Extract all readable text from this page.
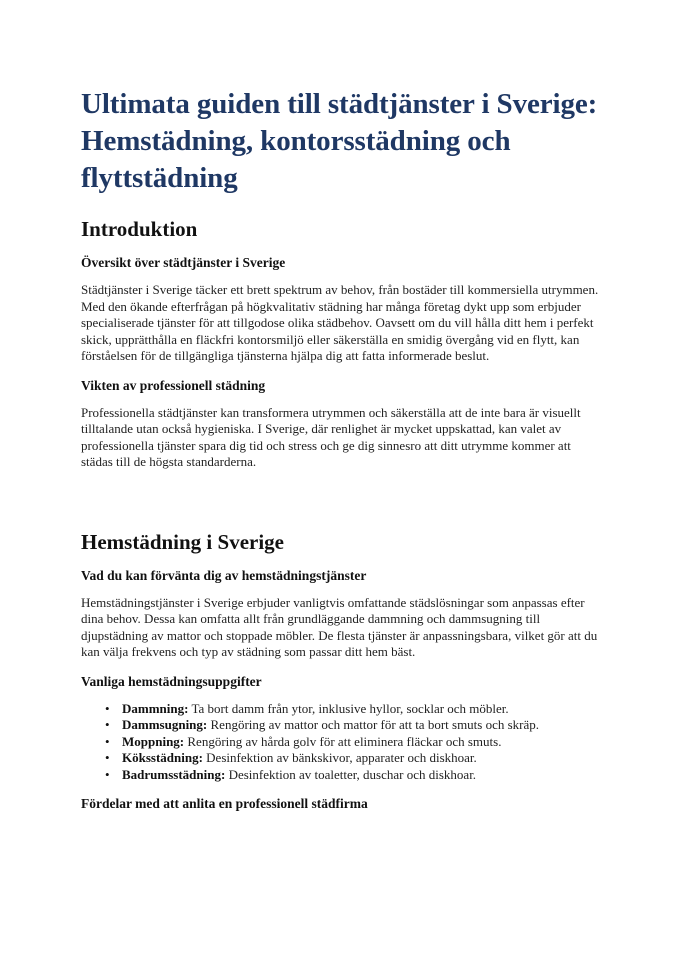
Ultimata guiden till städtjänster i Sverige: Hemstädning, kontorsstädning och flyttstädning
Introduktion
Översikt över städtjänster i Sverige

Städtjänster i Sverige täcker ett brett spektrum av behov, från bostäder till kommersiella utrymmen. Med den ökande efterfrågan på högkvalitativ städning har många företag dykt upp som erbjuder specialiserade tjänster för att tillgodose olika städbehov. Oavsett om du vill hålla ditt hem i perfekt skick, upprätthålla en fläckfri kontorsmiljö eller säkerställa en smidig övergång vid en flytt, kan förståelsen för de tillgängliga tjänsterna hjälpa dig att fatta informerade beslut.

Vikten av professionell städning

Professionella städtjänster kan transformera utrymmen och säkerställa att de inte bara är visuellt tilltalande utan också hygieniska. I Sverige, där renlighet är mycket uppskattad, kan valet av professionella tjänster spara dig tid och stress och ge dig sinnesro att ditt utrymme kommer att städas till de högsta standarderna.

Hemstädning i Sverige
Vad du kan förvänta dig av hemstädningstjänster

Hemstädningstjänster i Sverige erbjuder vanligtvis omfattande städslösningar som anpassas efter dina behov. Dessa kan omfatta allt från grundläggande dammning och dammsugning till djupstädning av mattor och stoppade möbler. De flesta tjänster är anpassningsbara, vilket gör att du kan välja frekvens och typ av städning som passar ditt hem bäst.

Vanliga hemstädningsuppgifter
• Dammning: Ta bort damm från ytor, inklusive hyllor, socklar och möbler.
• Dammsugning: Rengöring av mattor och mattor för att ta bort smuts och skräp.
• Moppning: Rengöring av hårda golv för att eliminera fläckar och smuts.
• Köksstädning: Desinfektion av bänkskivor, apparater och diskhoar.
• Badrumsstädning: Desinfektion av toaletter, duschar och diskhoar.
Fördelar med att anlita en professionell städfirma
